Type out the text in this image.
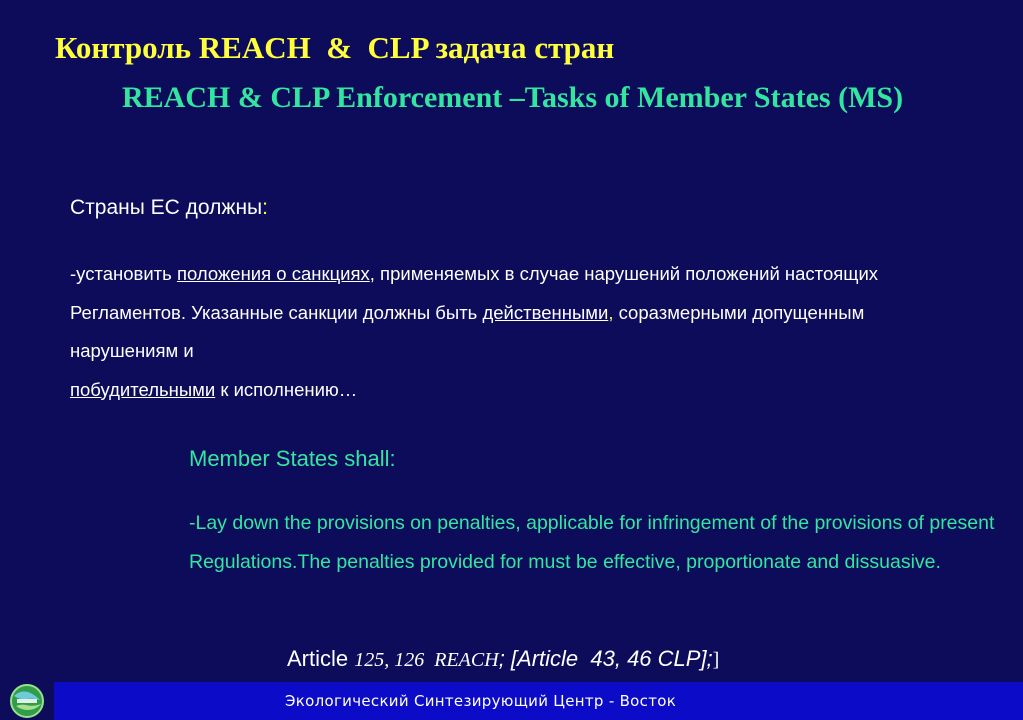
Контроль REACH  &  CLP задача стран
REACH & CLP Enforcement –Tasks of Member States (MS)
Страны ЕС должны:
-установить положения о санкциях, применяемых в случае нарушений положений настоящих Регламентов. Указанные санкции должны быть действенными, соразмерными допущенным нарушениям и
побудительными к исполнению…
Member States shall:
-Lay down the provisions on penalties, applicable for infringement of the provisions of present Regulations.The penalties provided for must be effective, proportionate and dissuasive.
Article 125, 126  REACH; [Article  43, 46 CLP];]
Экологический Синтезирующий Центр - Восток
